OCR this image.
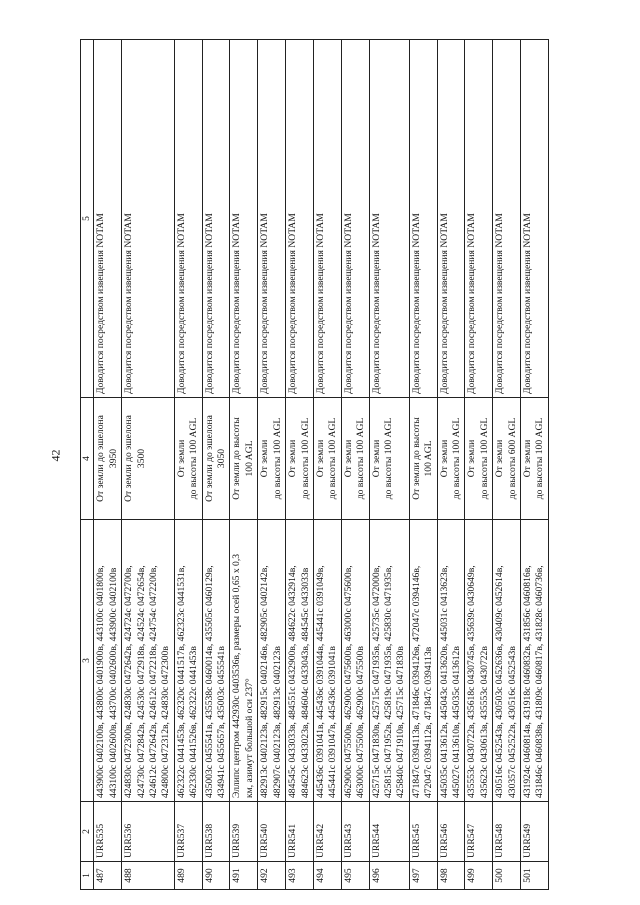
42
1	2	3	4	5
487	URR535	443900с 0402100в, 443800с 0401900в, 443100с 0401800в, 443100с 0402600в, 443700с 0402600в, 443900с 0402100в	От земли до эшелона 3950	Доводится посредством извещения NOTAM
488	URR536	424830с 0472300в, 424830с 0472642в, 424724с 0472700в, 424730с 0472842в, 424530с 0472918в, 424524с 0472654в, 424612с 0472642в, 424612с 0472218в, 424754с 0472200в, 424800с 0472312в, 424830с 0472300в	От земли до эшелона 3500	Доводится посредством извещения NOTAM
489	URR537	462322с 0441453в, 462320с 0441517в, 462323с 0441531в, 462330с 0441526в, 462322с 0441453в	От земли до высоты 100 AGL	Доводится посредством извещения NOTAM
490	URR538	435003с 0455541в, 435538с 0460014в, 435505с 0460129в, 434941с 0455657в, 435003с 0455541в	От земли до эшелона 3050	Доводится посредством извещения NOTAM
491	URR539	Эллипс центром 442930с 0403536в, размеры осей 0,65 х 0,3 км, азимут большой оси 237°	От земли до высоты 100 AGL	Доводится посредством извещения NOTAM
492	URR540	482913с 0402123в, 482915с 0402146в, 482905с 0402142в, 482907с 0402123в, 482913с 0402123в	От земли до высоты 100 AGL	Доводится посредством извещения NOTAM
493	URR541	484545с 0433033в, 484551с 0432900в, 484622с 0432914в, 484623с 0433023в, 484604с 0433043в, 484545с 0433033в	От земли до высоты 100 AGL	Доводится посредством извещения NOTAM
494	URR542	445436с 0391041в, 445436с 0391044в, 445441с 0391049в, 445441с 0391047в, 445436с 0391041в	От земли до высоты 100 AGL	Доводится посредством извещения NOTAM
495	URR543	462900с 0475500в, 462900с 0475600в, 463000с 0475600в, 463000с 0475500в, 462900с 0475500в	От земли до высоты 100 AGL	Доводится посредством извещения NOTAM
496	URR544	425715с 0471830в, 425715с 0471935в, 425735с 0472000в, 425815с 0471952в, 425819с 0471935в, 425830с 0471935в, 425840с 0471910в, 425715с 0471830в	От земли до высоты 100 AGL	Доводится посредством извещения NOTAM
497	URR545	471847с 0394113в, 471846с 0394126в, 472047с 0394146в, 472047с 0394112в, 471847с 0394113в	От земли до высоты 100 AGL	Доводится посредством извещения NOTAM
498	URR546	445035с 0413612в, 445043с 0413620в, 445031с 0413623в, 445027с 0413610в, 445035с 0413612в	От земли до высоты 100 AGL	Доводится посредством извещения NOTAM
499	URR547	435553с 0430722в, 435618с 0430745в, 435639с 0430649в, 435623с 0430613в, 435553с 0430722в	От земли до высоты 100 AGL	Доводится посредством извещения NOTAM
500	URR548	430516с 0452543в, 430503с 0452636в, 430409с 0452614в, 430357с 0452522в, 430516с 0452543в	От земли до высоты 600 AGL	Доводится посредством извещения NOTAM
501	URR549	431924с 0460814в, 431918с 0460832в, 431856с 0460816в, 431846с 0460838в, 431809с 0460817в, 431828с 0460736в,	От земли до высоты 100 AGL	Доводится посредством извещения NOTAM
